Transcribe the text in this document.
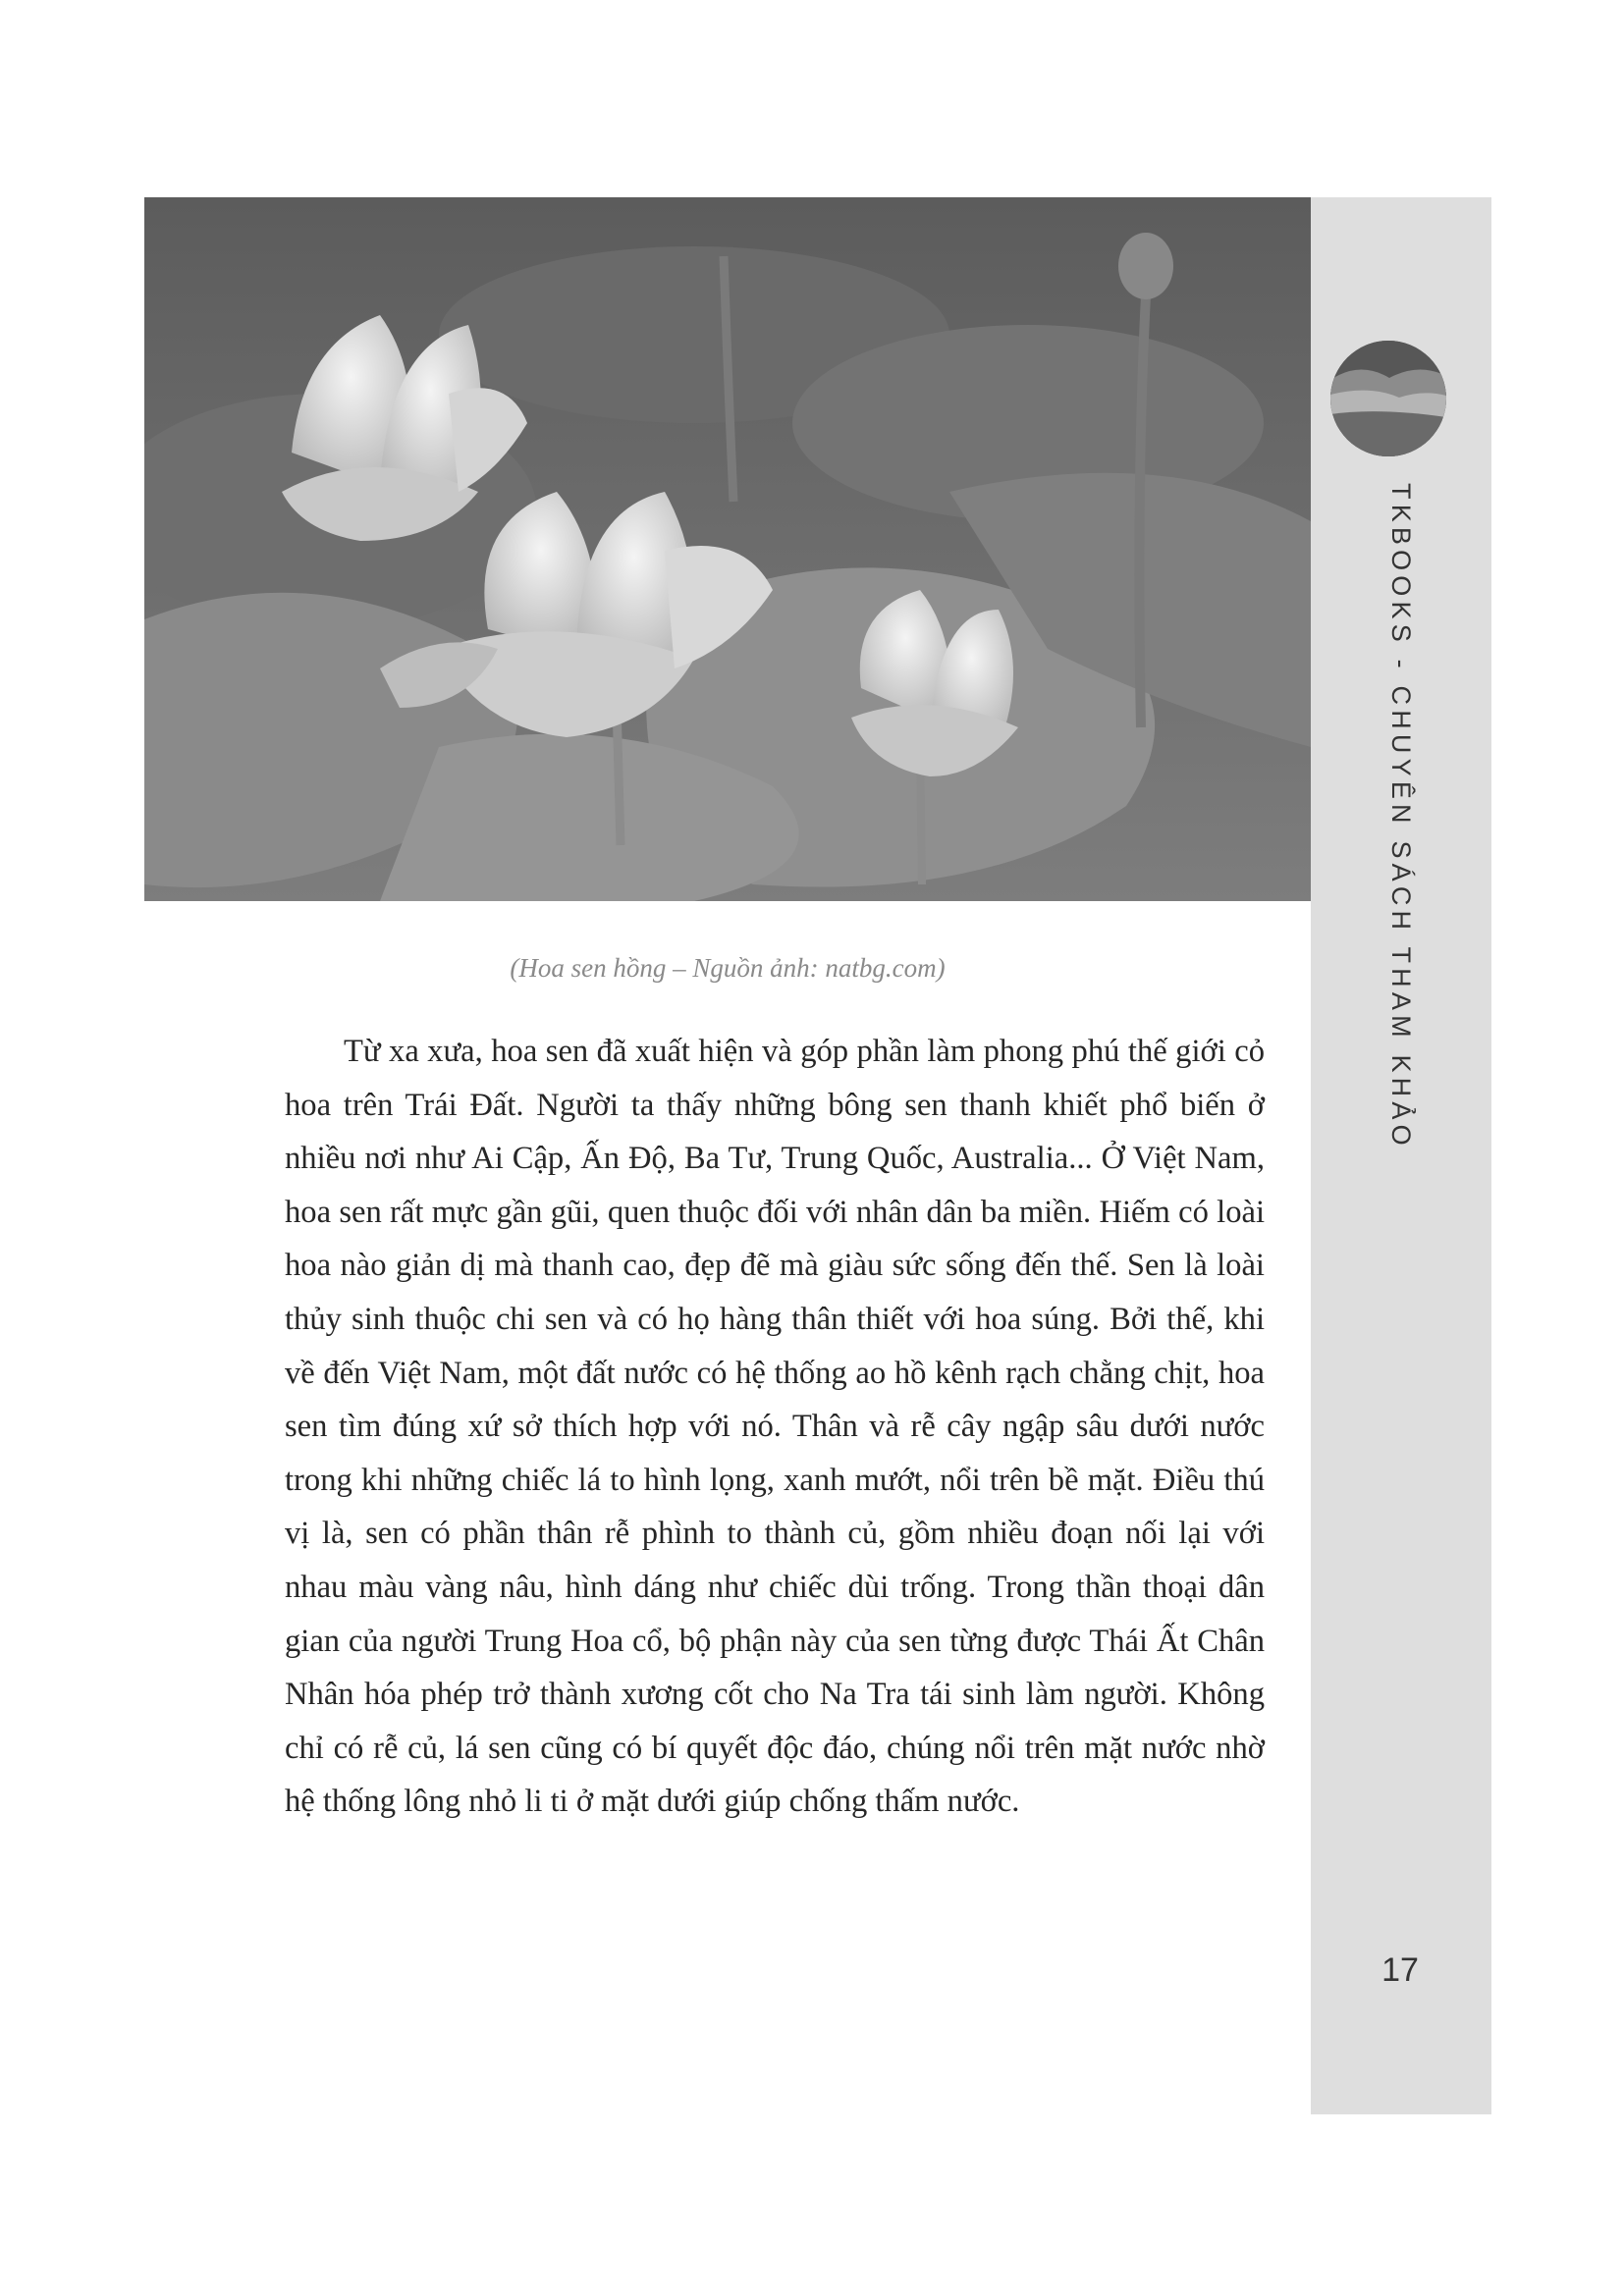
TKBOOKS - CHUYÊN SÁCH THAM KHẢO
17
(Hoa sen hồng – Nguồn ảnh: natbg.com)

Từ xa xưa, hoa sen đã xuất hiện và góp phần làm phong phú thế giới cỏ hoa trên Trái Đất. Người ta thấy những bông sen thanh khiết phổ biến ở nhiều nơi như Ai Cập, Ấn Độ, Ba Tư, Trung Quốc, Australia... Ở Việt Nam, hoa sen rất mực gần gũi, quen thuộc đối với nhân dân ba miền. Hiếm có loài hoa nào giản dị mà thanh cao, đẹp đẽ mà giàu sức sống đến thế. Sen là loài thủy sinh thuộc chi sen và có họ hàng thân thiết với hoa súng. Bởi thế, khi về đến Việt Nam, một đất nước có hệ thống ao hồ kênh rạch chằng chịt, hoa sen tìm đúng xứ sở thích hợp với nó. Thân và rễ cây ngập sâu dưới nước trong khi những chiếc lá to hình lọng, xanh mướt, nổi trên bề mặt. Điều thú vị là, sen có phần thân rễ phình to thành củ, gồm nhiều đoạn nối lại với nhau màu vàng nâu, hình dáng như chiếc dùi trống. Trong thần thoại dân gian của người Trung Hoa cổ, bộ phận này của sen từng được Thái Ất Chân Nhân hóa phép trở thành xương cốt cho Na Tra tái sinh làm người. Không chỉ có rễ củ, lá sen cũng có bí quyết độc đáo, chúng nổi trên mặt nước nhờ hệ thống lông nhỏ li ti ở mặt dưới giúp chống thấm nước.
